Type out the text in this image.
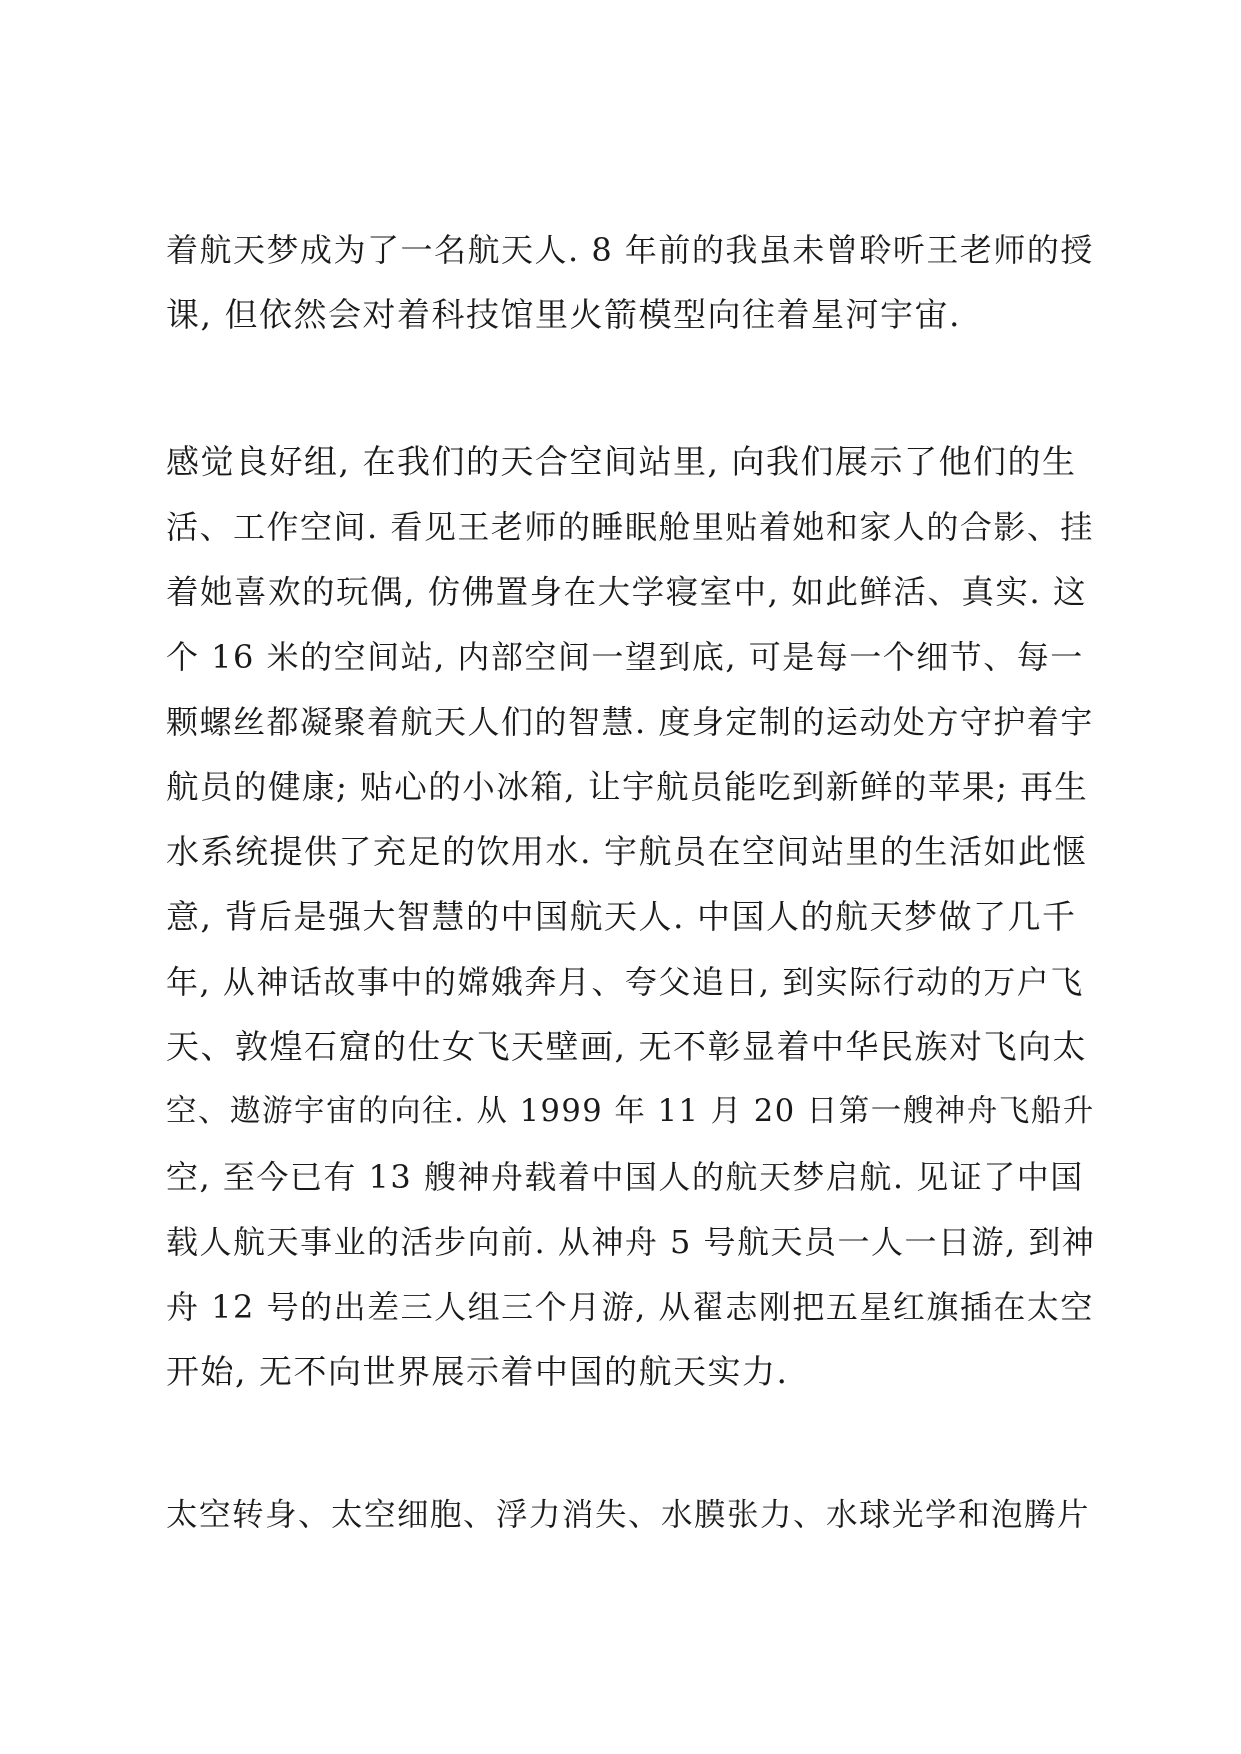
着航天梦成为了一名航天人. 8 年前的我虽未曾聆听王老师的授
课, 但依然会对着科技馆里火箭模型向往着星河宇宙.
感觉良好组, 在我们的天合空间站里, 向我们展示了他们的生
活、工作空间. 看见王老师的睡眠舱里贴着她和家人的合影、挂
着她喜欢的玩偶, 仿佛置身在大学寝室中, 如此鲜活、真实. 这
个 16 米的空间站, 内部空间一望到底, 可是每一个细节、每一
颗螺丝都凝聚着航天人们的智慧. 度身定制的运动处方守护着宇
航员的健康; 贴心的小冰箱, 让宇航员能吃到新鲜的苹果; 再生
水系统提供了充足的饮用水. 宇航员在空间站里的生活如此惬
意, 背后是强大智慧的中国航天人. 中国人的航天梦做了几千
年, 从神话故事中的嫦娥奔月、夸父追日, 到实际行动的万户飞
天、敦煌石窟的仕女飞天壁画, 无不彰显着中华民族对飞向太
空、遨游宇宙的向往. 从 1999 年 11 月 20 日第一艘神舟飞船升
空, 至今已有 13 艘神舟载着中国人的航天梦启航. 见证了中国
载人航天事业的活步向前. 从神舟 5 号航天员一人一日游, 到神
舟 12 号的出差三人组三个月游, 从翟志刚把五星红旗插在太空
开始, 无不向世界展示着中国的航天实力.
太空转身、太空细胞、浮力消失、水膜张力、水球光学和泡腾片
